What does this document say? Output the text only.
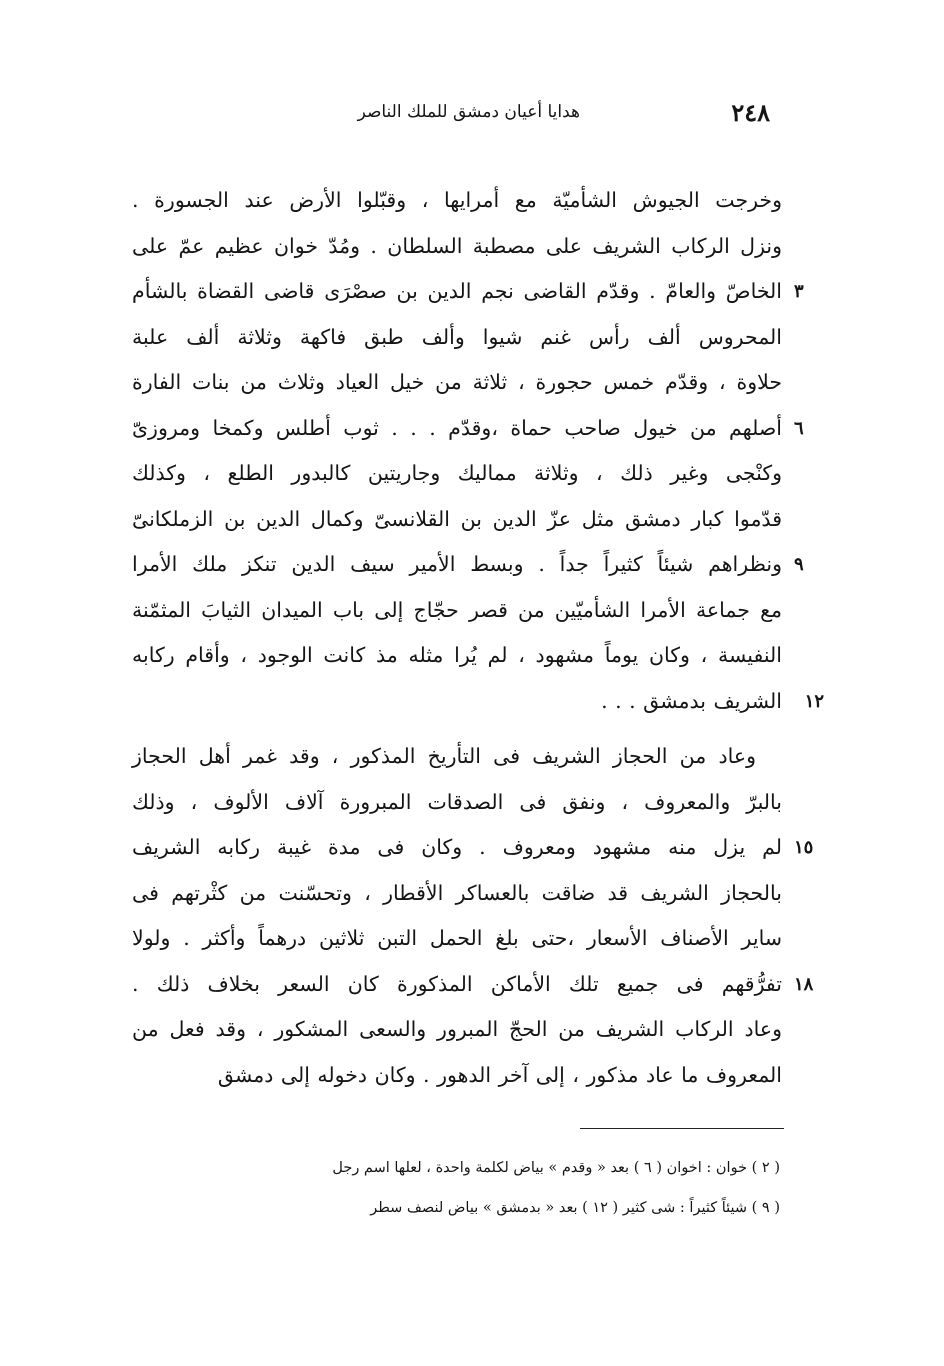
٢٤٨
هدايا أعيان دمشق للملك الناصر
وخرجت الجيوش الشأميّة مع أمرايها ، وقبّلوا الأرض عند الجسورة .
ونزل الركاب الشريف على مصطبة السلطان . ومُدّ خوان عظيم عمّ على
الخاصّ والعامّ . وقدّم القاضى نجم الدين بن صصْرَى قاضى القضاة بالشأم ٣
المحروس ألف رأس غنم شيوا وألف طبق فاكهة وثلاثة ألف علبة
حلاوة ، وقدّم خمس حجورة ، ثلاثة من خيل العياد وثلاث من بنات الفارة
أصلهم من خيول صاحب حماة ،وقدّم . . . ثوب أطلس وكمخا ومروزىّ ٦
وكنْجى وغير ذلك ، وثلاثة مماليك وجاريتين كالبدور الطلع ، وكذلك
قدّموا كبار دمشق مثل عزّ الدين بن القلانسىّ وكمال الدين بن الزملكانىّ
ونظراهم شيئاً كثيراً جداً . وبسط الأمير سيف الدين تنكز ملك الأمرا ٩
مع جماعة الأمرا الشأميّين من قصر حجّاج إلى باب الميدان الثيابَ المثمّنة
النفيسة ، وكان يوماً مشهود ، لم يُرا مثله مذ كانت الوجود ، وأقام ركابه
الشريف بدمشق . . .	١٢
وعاد من الحجاز الشريف فى التأريخ المذكور ، وقد غمر أهل الحجاز
بالبرّ والمعروف ، ونفق فى الصدقات المبرورة آلاف الألوف ، وذلك
لم يزل منه مشهود ومعروف . وكان فى مدة غيبة ركابه الشريف ١٥
بالحجاز الشريف قد ضاقت بالعساكر الأقطار ، وتحسّنت من كثْرتهم فى
ساير الأصناف الأسعار ،حتى بلغ الحمل التبن ثلاثين درهماً وأكثر . ولولا
تفرُّقهم فى جميع تلك الأماكن المذكورة كان السعر بخلاف ذلك . ١٨
وعاد الركاب الشريف من الحجّ المبرور والسعى المشكور ، وقد فعل من
المعروف ما عاد مذكور ، إلى آخر الدهور . وكان دخوله إلى دمشق
( ٢ ) خوان : اخوان ( ٦ ) بعد « وقدم » بياض لكلمة واحدة ، لعلها اسم رجل
( ٩ ) شيئاً كثيراً : شى كثير ( ١٢ ) بعد « بدمشق » بياض لنصف سطر
